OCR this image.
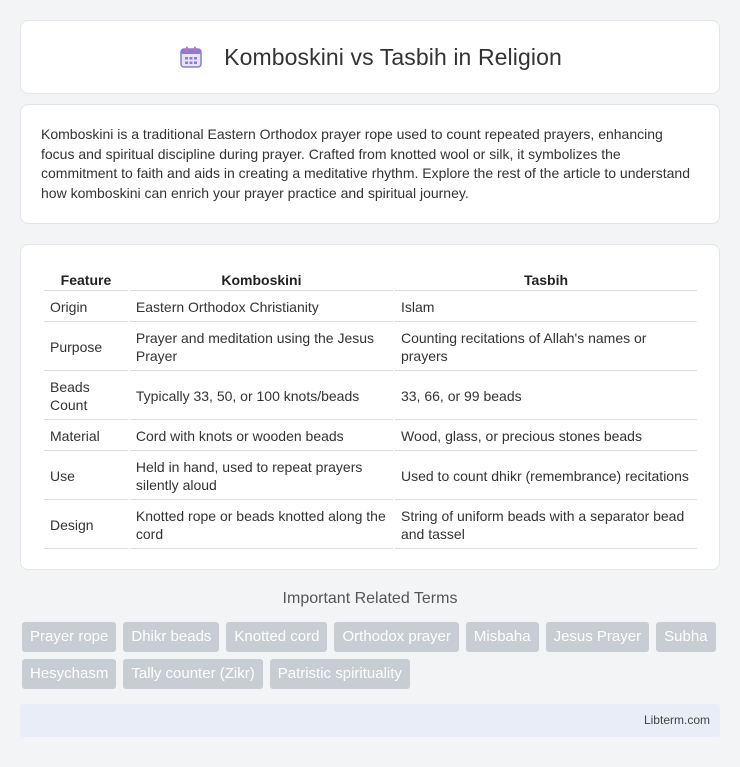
Komboskini vs Tasbih in Religion

Komboskini is a traditional Eastern Orthodox prayer rope used to count repeated prayers, enhancing focus and spiritual discipline during prayer. Crafted from knotted wool or silk, it symbolizes the commitment to faith and aids in creating a meditative rhythm. Explore the rest of the article to understand how komboskini can enrich your prayer practice and spiritual journey.

Feature	Komboskini	Tasbih
Origin	Eastern Orthodox Christianity	Islam
Purpose	Prayer and meditation using the Jesus Prayer	Counting recitations of Allah's names or prayers
Beads Count	Typically 33, 50, or 100 knots/beads	33, 66, or 99 beads
Material	Cord with knots or wooden beads	Wood, glass, or precious stones beads
Use	Held in hand, used to repeat prayers silently aloud	Used to count dhikr (remembrance) recitations
Design	Knotted rope or beads knotted along the cord	String of uniform beads with a separator bead and tassel
Important Related Terms
Prayer rope	Dhikr beads	Knotted cord	Orthodox prayer	Misbaha	Jesus Prayer	Subha
Hesychasm	Tally counter (Zikr)	Patristic spirituality
Libterm.com
